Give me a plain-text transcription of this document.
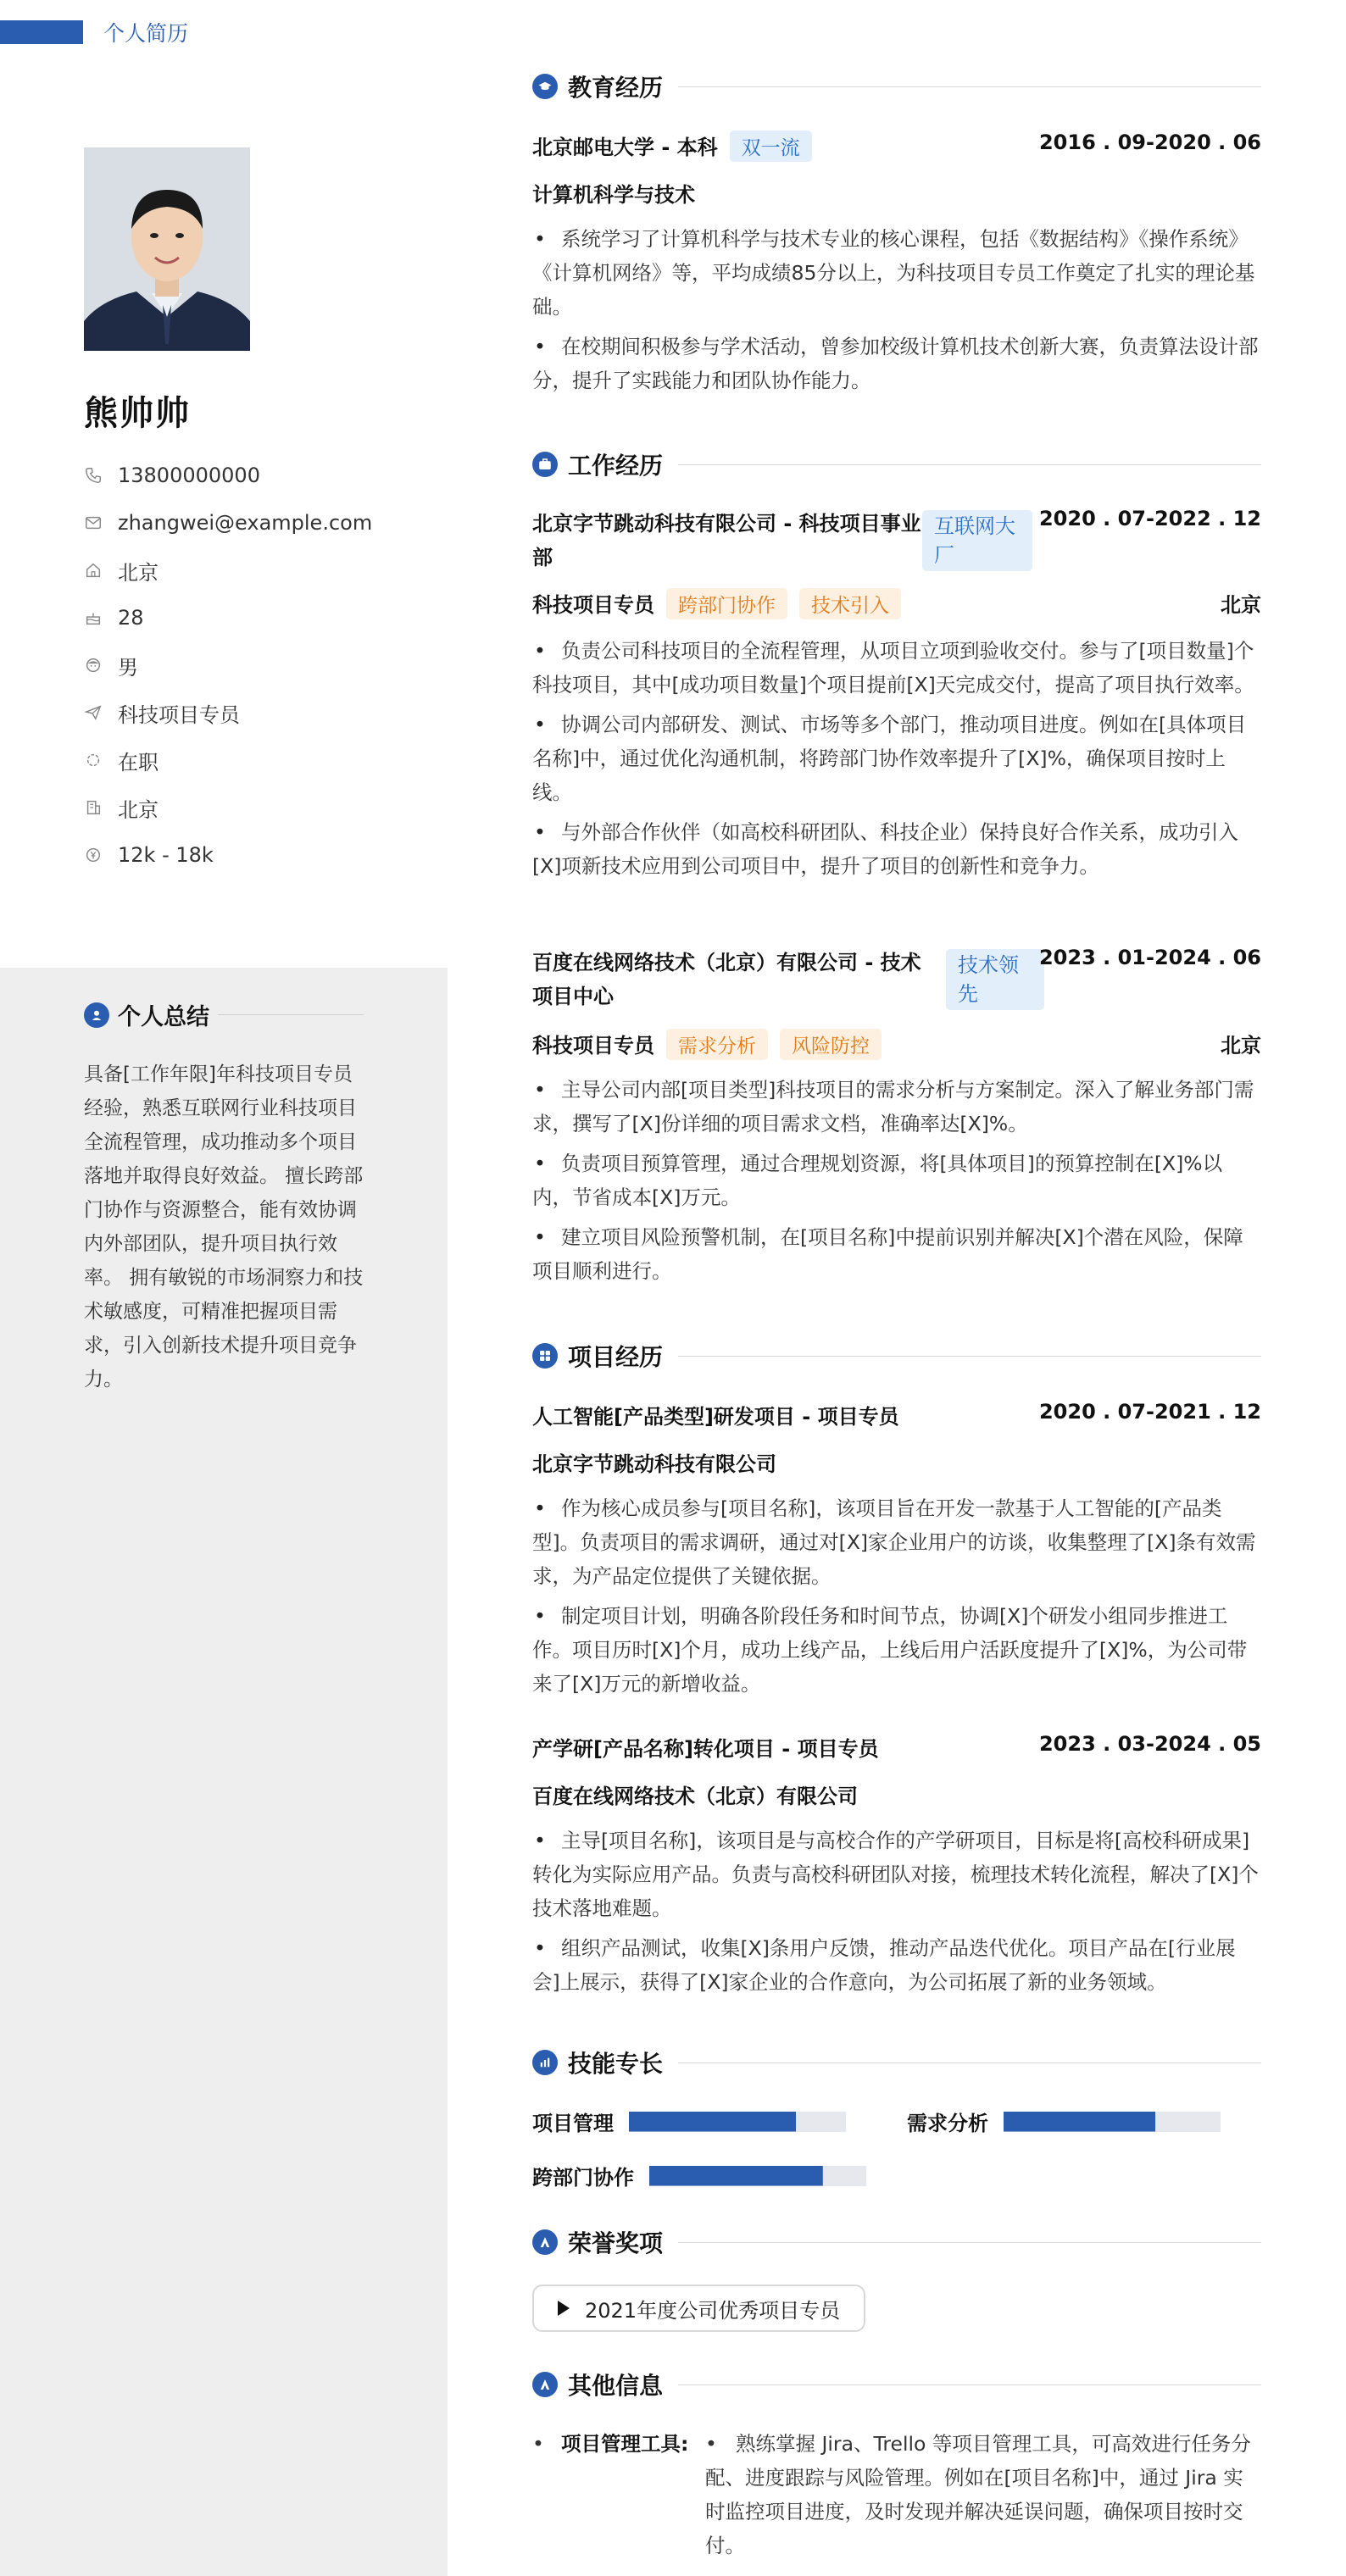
个人简历
熊帅帅
13800000000
zhangwei@example.com
北京
28
男
科技项目专员
在职
北京
12k - 18k
个人总结
具备[工作年限]年科技项目专员经验，熟悉互联网行业科技项目全流程管理，成功推动多个项目落地并取得良好效益。 擅长跨部门协作与资源整合，能有效协调内外部团队，提升项目执行效率。 拥有敏锐的市场洞察力和技术敏感度，可精准把握项目需求，引入创新技术提升项目竞争力。
教育经历
北京邮电大学 - 本科 双一流	2016 . 09-2020 . 06
计算机科学与技术
• 系统学习了计算机科学与技术专业的核心课程，包括《数据结构》《操作系统》《计算机网络》等，平均成绩85分以上，为科技项目专员工作奠定了扎实的理论基础。
• 在校期间积极参与学术活动，曾参加校级计算机技术创新大赛，负责算法设计部分，提升了实践能力和团队协作能力。
工作经历
北京字节跳动科技有限公司 - 科技项目事业部
互联网大厂
2020 . 07-2022 . 12
科技项目专员 跨部门协作 技术引入	北京
• 负责公司科技项目的全流程管理，从项目立项到验收交付。参与了[项目数量]个科技项目，其中[成功项目数量]个项目提前[X]天完成交付，提高了项目执行效率。
• 协调公司内部研发、测试、市场等多个部门，推动项目进度。例如在[具体项目名称]中，通过优化沟通机制，将跨部门协作效率提升了[X]%，确保项目按时上线。
• 与外部合作伙伴（如高校科研团队、科技企业）保持良好合作关系，成功引入[X]项新技术应用到公司项目中，提升了项目的创新性和竞争力。
百度在线网络技术（北京）有限公司 - 技术项目中心
技术领先
2023 . 01-2024 . 06
科技项目专员 需求分析 风险防控	北京
• 主导公司内部[项目类型]科技项目的需求分析与方案制定。深入了解业务部门需求，撰写了[X]份详细的项目需求文档，准确率达[X]%。
• 负责项目预算管理，通过合理规划资源，将[具体项目]的预算控制在[X]%以内，节省成本[X]万元。
• 建立项目风险预警机制，在[项目名称]中提前识别并解决[X]个潜在风险，保障项目顺利进行。
项目经历
人工智能[产品类型]研发项目 - 项目专员	2020 . 07-2021 . 12
北京字节跳动科技有限公司
• 作为核心成员参与[项目名称]，该项目旨在开发一款基于人工智能的[产品类型]。负责项目的需求调研，通过对[X]家企业用户的访谈，收集整理了[X]条有效需求，为产品定位提供了关键依据。
• 制定项目计划，明确各阶段任务和时间节点，协调[X]个研发小组同步推进工作。项目历时[X]个月，成功上线产品，上线后用户活跃度提升了[X]%，为公司带来了[X]万元的新增收益。
产学研[产品名称]转化项目 - 项目专员	2023 . 03-2024 . 05
百度在线网络技术（北京）有限公司
• 主导[项目名称]，该项目是与高校合作的产学研项目，目标是将[高校科研成果]转化为实际应用产品。负责与高校科研团队对接，梳理技术转化流程，解决了[X]个技术落地难题。
• 组织产品测试，收集[X]条用户反馈，推动产品迭代优化。项目产品在[行业展会]上展示，获得了[X]家企业的合作意向，为公司拓展了新的业务领域。
技能专长
项目管理	需求分析
跨部门协作
荣誉奖项
2021年度公司优秀项目专员
其他信息
• 项目管理工具: • 熟练掌握 Jira、Trello 等项目管理工具，可高效进行任务分配、进度跟踪与风险管理。例如在[项目名称]中，通过 Jira 实时监控项目进度，及时发现并解决延误问题，确保项目按时交付。
